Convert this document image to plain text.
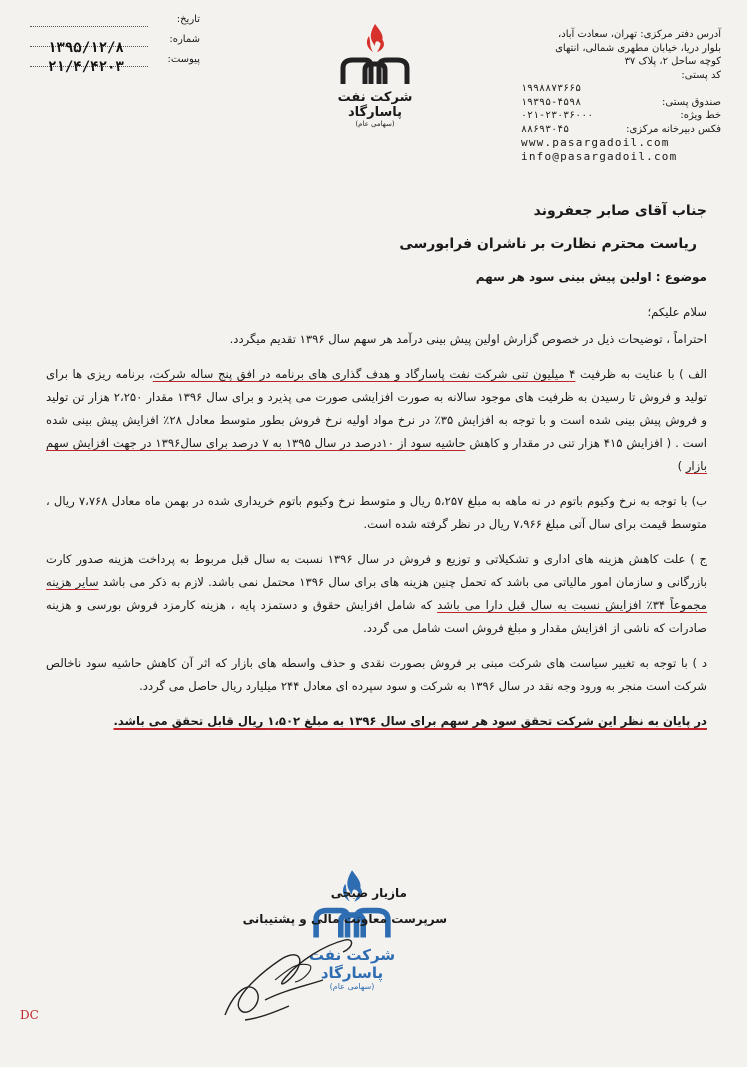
تاریخ:
شماره:
۱۳۹۵/۱۲/۸
پیوست:
۲۱/۴/۴۲۰۳
شرکت نفت پاسارگاد
(سهامی عام)
آدرس دفتر مرکزی: تهران، سعادت آباد،
بلوار دریا، خیابان مطهری شمالی، انتهای
کوچه ساحل ۲، پلاک ۳۷
کد پستی:
۱۹۹۸۸۷۳۶۶۵
صندوق پستی:
۱۹۳۹۵-۴۵۹۸
خط ویژه:
۰۲۱-۲۳۰۳۶۰۰۰
فکس دبیرخانه مرکزی:
۸۸۶۹۳۰۴۵
www.pasargadoil.com
info@pasargadoil.com
جناب آقای صابر جعفروند
ریاست محترم نظارت بر ناشران فرابورسی
موضوع : اولین پیش بینی سود هر سهم
سلام علیکم؛
احتراماً ، توضیحات ذیل در خصوص گزارش اولین پیش بینی درآمد هر سهم سال ۱۳۹۶ تقدیم میگردد.
الف ) با عنایت به ظرفیت ۴ میلیون تنی شرکت نفت پاسارگاد و هدف گذاری های برنامه در افق پنج ساله شرکت، برنامه ریزی ها برای تولید و فروش تا رسیدن به ظرفیت های موجود سالانه به صورت افزایشی صورت می پذیرد و برای سال ۱۳۹۶ مقدار ۲،۲۵۰ هزار تن تولید و فروش پیش بینی شده است و با توجه به افزایش ۳۵٪ در نرخ مواد اولیه نرخ فروش بطور متوسط معادل ۲۸٪ افزایش پیش بینی شده است . ( افزایش ۴۱۵ هزار تنی در مقدار و کاهش حاشیه سود از ۱۰درصد در سال ۱۳۹۵ به ۷ درصد برای سال۱۳۹۶ در جهت افزایش سهم بازار )
ب) با توجه به نرخ وکیوم باتوم در نه ماهه به مبلغ ۵،۲۵۷ ریال و متوسط نرخ وکیوم باتوم خریداری شده در بهمن ماه معادل ۷،۷۶۸ ریال ، متوسط قیمت برای سال آتی مبلغ ۷،۹۶۶ ریال در نظر گرفته شده است.
ج ) علت کاهش هزینه های اداری و تشکیلاتی و توزیع و فروش در سال ۱۳۹۶ نسبت به سال قبل مربوط به پرداخت هزینه صدور کارت بازرگانی و سازمان امور مالیاتی می باشد که تحمل چنین هزینه های برای سال ۱۳۹۶ محتمل نمی باشد. لازم به ذکر می باشد سایر هزینه مجموعاً ۳۴٪ افزایش نسبت به سال قبل دارا می باشد که شامل افزایش حقوق و دستمزد پایه ، هزینه کارمزد فروش بورسی و هزینه صادرات که ناشی از افزایش مقدار و مبلغ فروش است شامل می گردد.
د ) با توجه به تغییر سیاست های شرکت مبنی بر فروش بصورت نقدی و حذف واسطه های بازار که اثر آن کاهش حاشیه سود ناخالص شرکت است منجر به ورود وجه نقد در سال ۱۳۹۶ به شرکت و سود سپرده ای معادل ۲۴۴ میلیارد ریال حاصل می گردد.
در پایان به نظر این شرکت تحقق سود هر سهم برای سال ۱۳۹۶ به مبلغ ۱،۵۰۲ ریال قابل تحقق می باشد.
شرکت نفت پاسارگاد
(سهامی عام)
مازیار صبحی
سرپرست معاونت مالی و پشتیبانی
DC
